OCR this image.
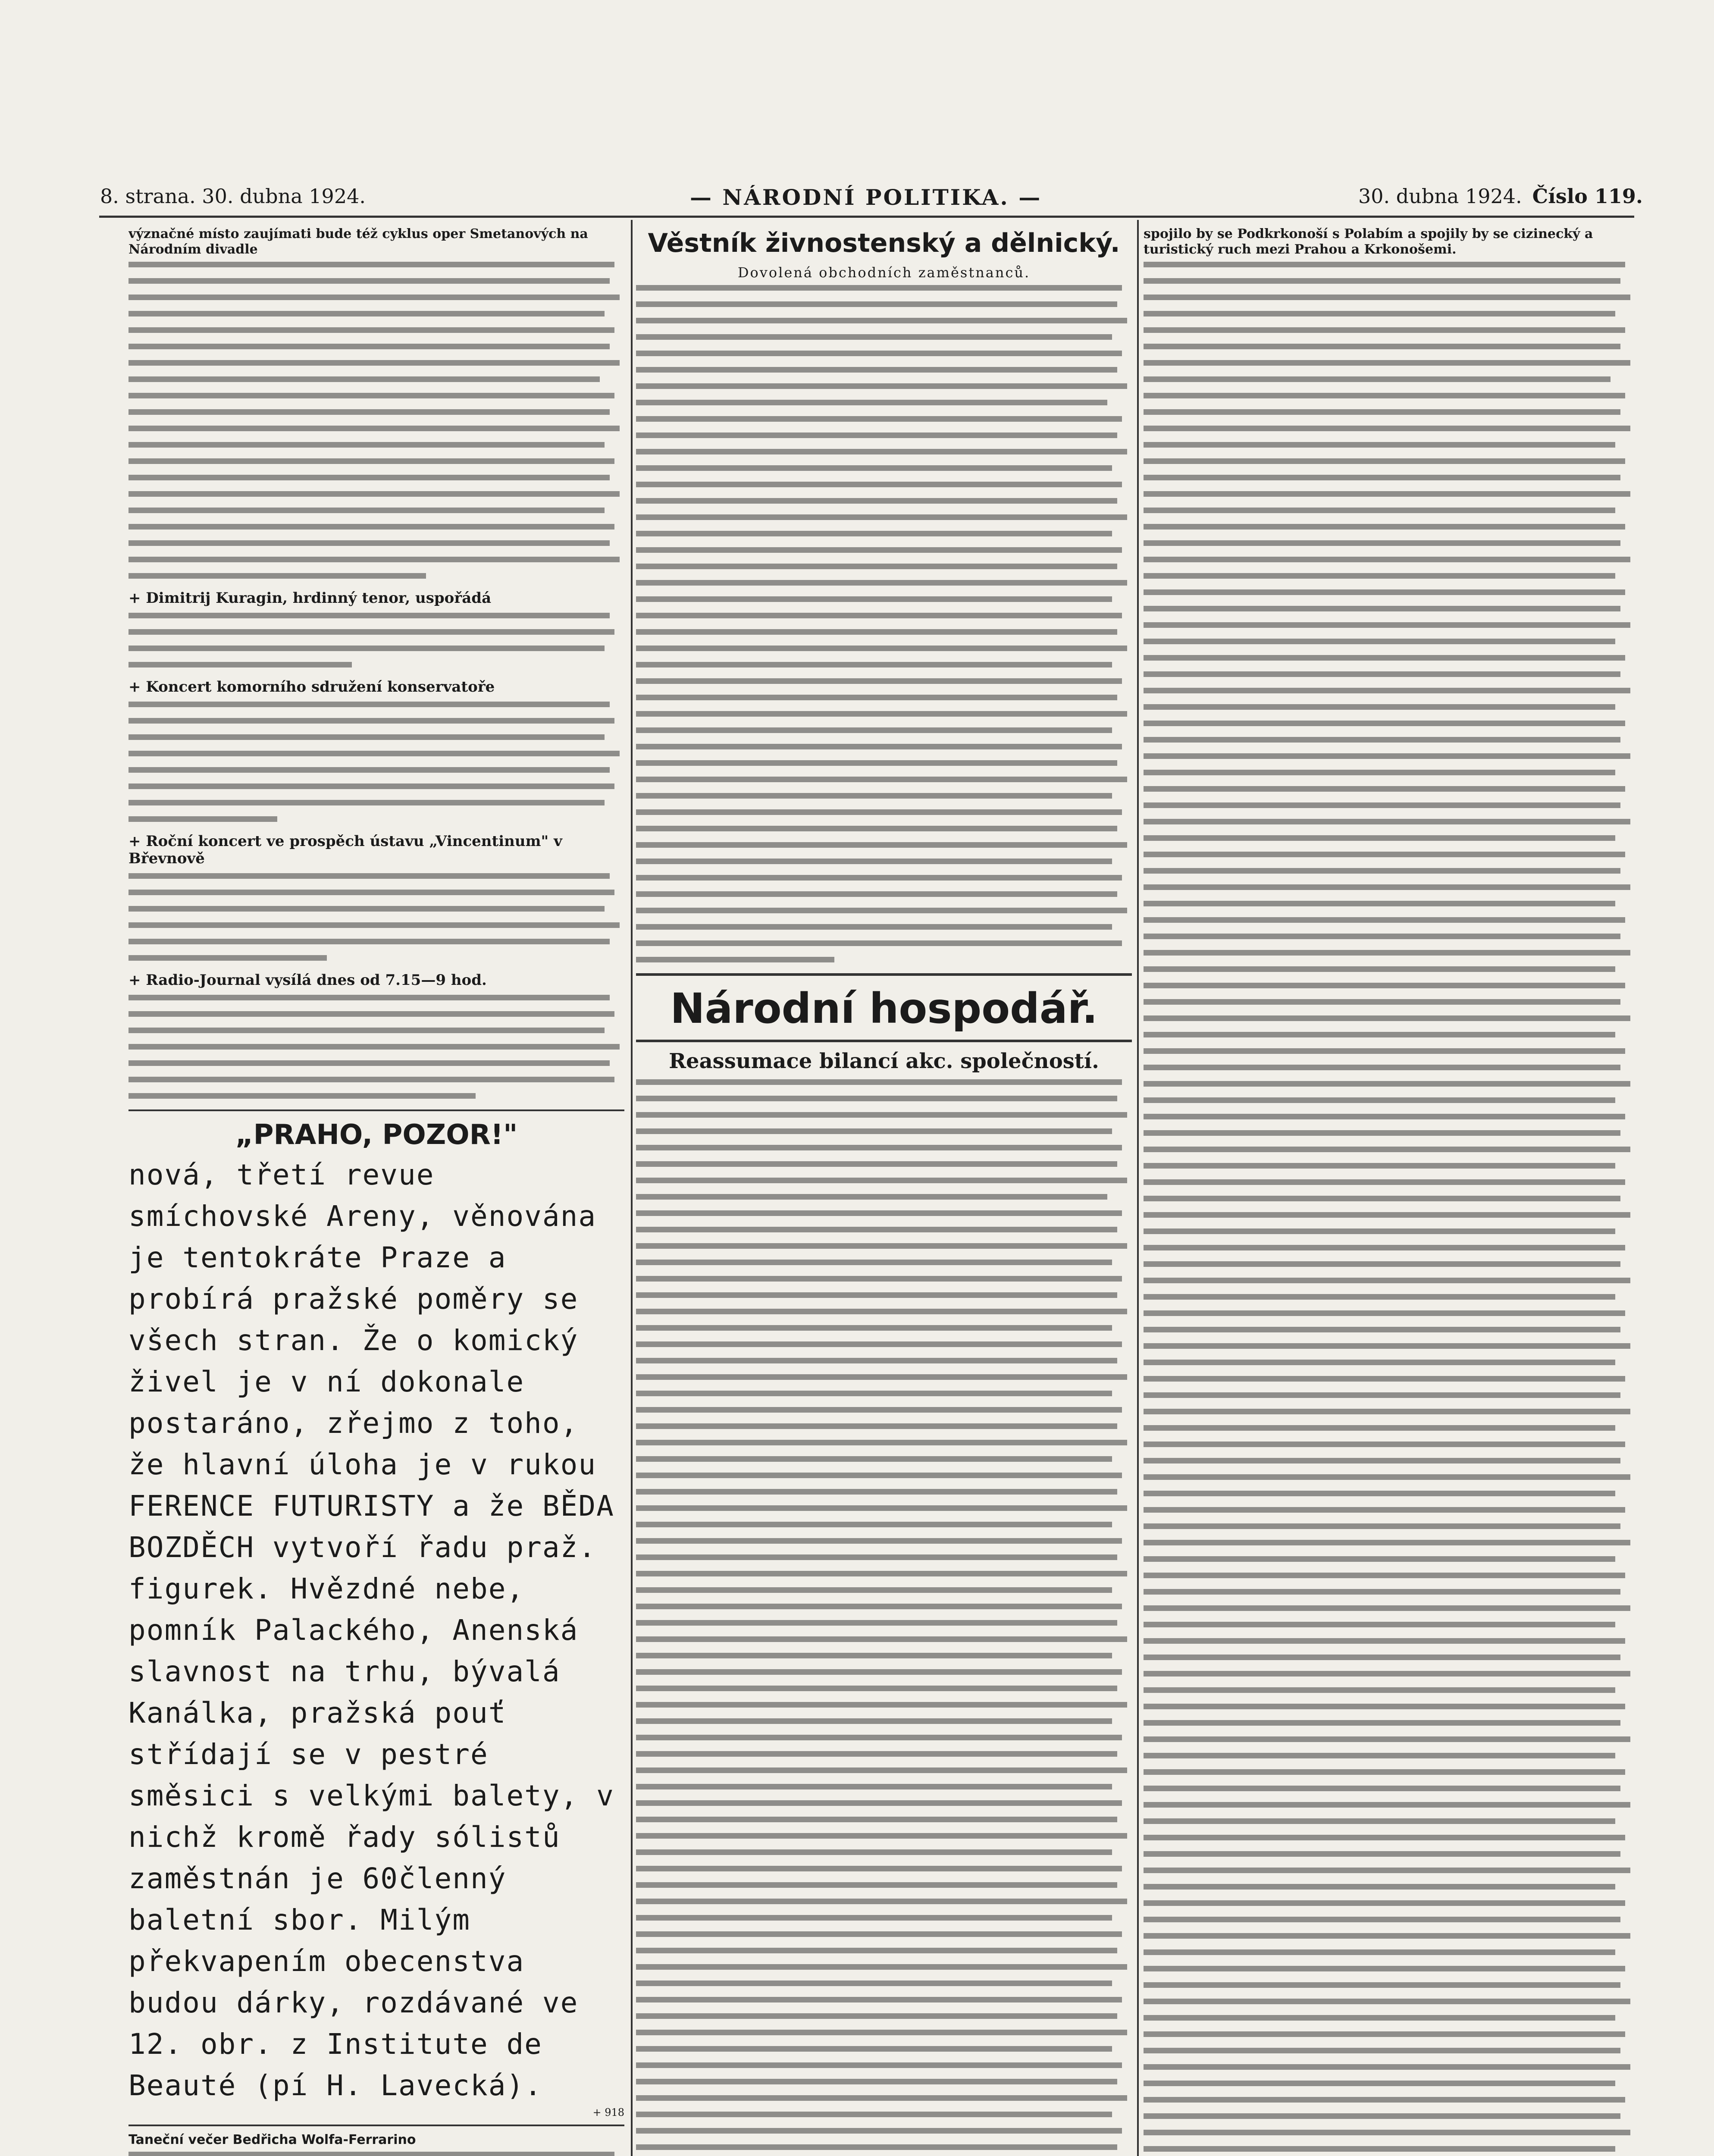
8. strana. 30. dubna 1924.	— NÁRODNÍ POLITIKA. —	30. dubna 1924. Číslo 119.
význačné místo zaujímati bude též cyklus oper Smetanových na Národním divadle
+ Dimitrij Kuragin, hrdinný tenor, uspořádá
+ Koncert komorního sdružení konservatoře
+ Roční koncert ve prospěch ústavu „Vincentinum" v Břevnově
+ Radio-Journal vysílá dnes od 7.15—9 hod.
„PRAHO, POZOR!"
nová, třetí revue smíchovské Areny, věnována je tentokráte Praze a probírá pražské poměry se všech stran. Že o komický živel je v ní dokonale postaráno, zřejmo z toho, že hlavní úloha je v rukou FERENCE FUTURISTY a že BĚDA BOZDĚCH vytvoří řadu praž. figurek. Hvězdné nebe, pomník Palackého, Anenská slavnost na trhu, bývalá Kanálka, pražská pouť střídají se v pestré směsici s velkými balety, v nichž kromě řady sólistů zaměstnán je 60členný baletní sbor. Milým překvapením obecenstva budou dárky, rozdávané ve 12. obr. z Institute de Beauté (pí H. Lavecká).
+ 918
Taneční večer Bedřicha Wolfa-Ferrarino
Věstník živnostenský a dělnický.
Dovolená obchodních zaměstnanců.
Národní hospodář.
Reassumace bilancí akc. společností.
spojilo by se Podkrkonoší s Polabím a spojily by se cizinecký a turistický ruch mezi Prahou a Krkonošemi.
